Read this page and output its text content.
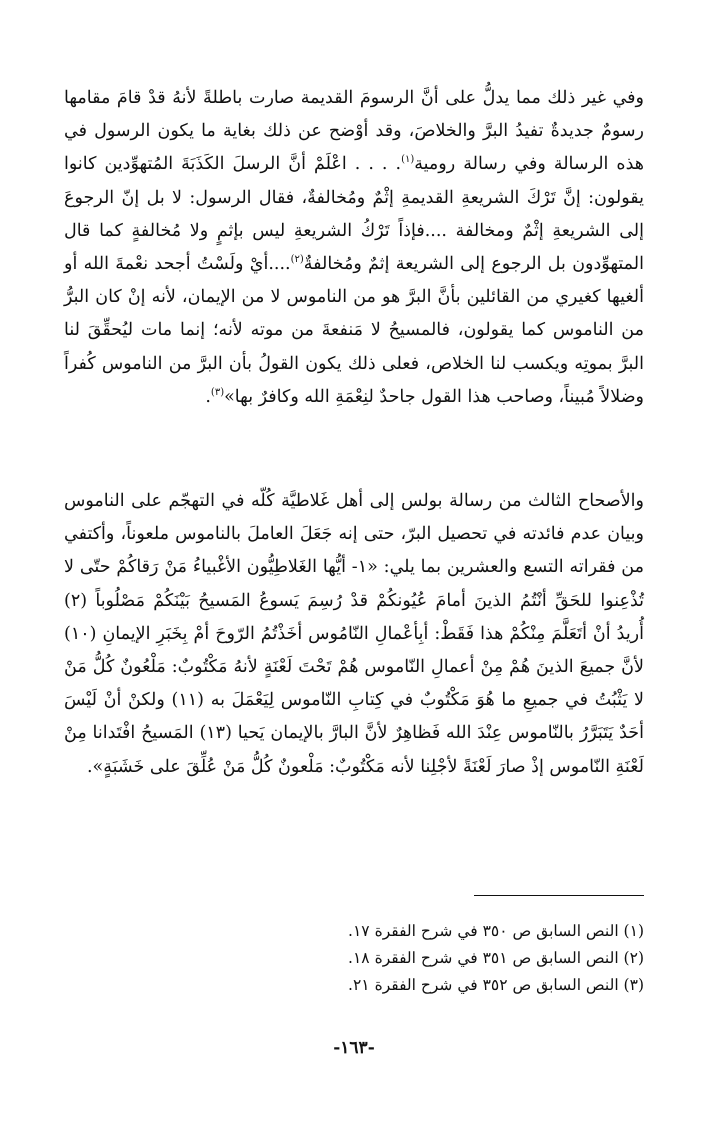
وفي غير ذلك مما يدلُّ على أنَّ الرسومَ القديمة صارت باطلةً لأنهُ قدْ قامَ مقامها رسومٌ جديدةٌ تفيدُ البرَّ والخلاصَ، وقد أوْضح عن ذلك بغاية ما يكون الرسول في هذه الرسالة وفي رسالة رومية$^{(١)}$. . . . اعْلَمْ أنَّ الرسلَ الكَذَبَةَ المُتهوِّدين كانوا يقولون: إنَّ تَرْكَ الشريعةِ القديمةِ إثْمٌ ومُخالفةٌ، فقال الرسول: لا بل إنّ الرجوعَ إلى الشريعةِ إثْمٌ ومخالفة ....فإذاً تَرْكُ الشريعةِ ليس بإثمٍ ولا مُخالفةٍ كما قال المتهوِّدون بل الرجوع إلى الشريعة إثمٌ ومُخالفةٌ$^{(٢)}$....أيْ ولَسْتُ أجحد نعْمةَ الله أو ألغيها كغيري من القائلين بأنَّ البرَّ هو من الناموس لا من الإيمان، لأنه إنْ كان البرُّ من الناموس كما يقولون، فالمسيحُ لا مَنفعةَ من موته لأنه؛ إنما مات ليُحقِّقَ لنا البرَّ بموتِه ويكسب لنا الخلاص، فعلى ذلك يكون القولُ بأن البرَّ من الناموس كُفراً وضلالاً مُبيناً، وصاحب هذا القول جاحدٌ لنِعْمَةِ الله وكافرٌ بها»$^{(٣)}$.

والأصحاح الثالث من رسالة بولس إلى أهل غَلاطيَّة كُلّه في التهجّم على الناموس وبيان عدم فائدته في تحصيل البرّ، حتى إنه جَعَلَ العاملَ بالناموس ملعوناً، وأكتفي من فقراته التسع والعشرين بما يلي: «١- أيُّها الغَلاطِيُّون الأغْبياءُ مَنْ رَقاكُمْ حتّى لا تُذْعِنوا للحَقِّ أنْتُمُ الذينَ أمامَ عُيُونكُمْ قدْ رُسِمَ يَسوعُ المَسيحُ بَيْنَكُمْ مَصْلُوباً (٢) أُريدُ أنْ أتَعَلَّمَ مِنْكُمْ هذا فَقَطْ: أبِأعْمالِ النّامُوس أخَذْتُمُ الرّوحَ أمْ بِخَبَرِ الإيمانِ (١٠) لأنَّ جميعَ الذينَ هُمْ مِنْ أعمالِ النّاموس هُمْ تَحْتَ لَعْنَةٍ لأنهُ مَكْتُوبٌ: مَلْعُونٌ كُلُّ مَنْ لا يَثْبُتُ في جميعِ ما هُوَ مَكْتُوبٌ في كِتابِ النّاموس لِيَعْمَلَ به (١١) ولكنْ أنْ لَيْسَ أحَدٌ يَتَبَرَّرُ بالنّاموس عِنْدَ الله فَظاهِرٌ لأنَّ البارَّ بالإيمان يَحيا (١٣) المَسيحُ افْتَدانا مِنْ لَعْنَةِ النّاموس إذْ صارَ لَعْنَةً لأجْلِنا لأنه مَكْتُوبٌ: مَلْعونٌ كُلُّ مَنْ عُلِّقَ على خَشَبَةٍ».

(١) النص السابق ص ٣٥٠ في شرح الفقرة ١٧.
(٢) النص السابق ص ٣٥١ في شرح الفقرة ١٨.
(٣) النص السابق ص ٣٥٢ في شرح الفقرة ٢١.
-١٦٣-
